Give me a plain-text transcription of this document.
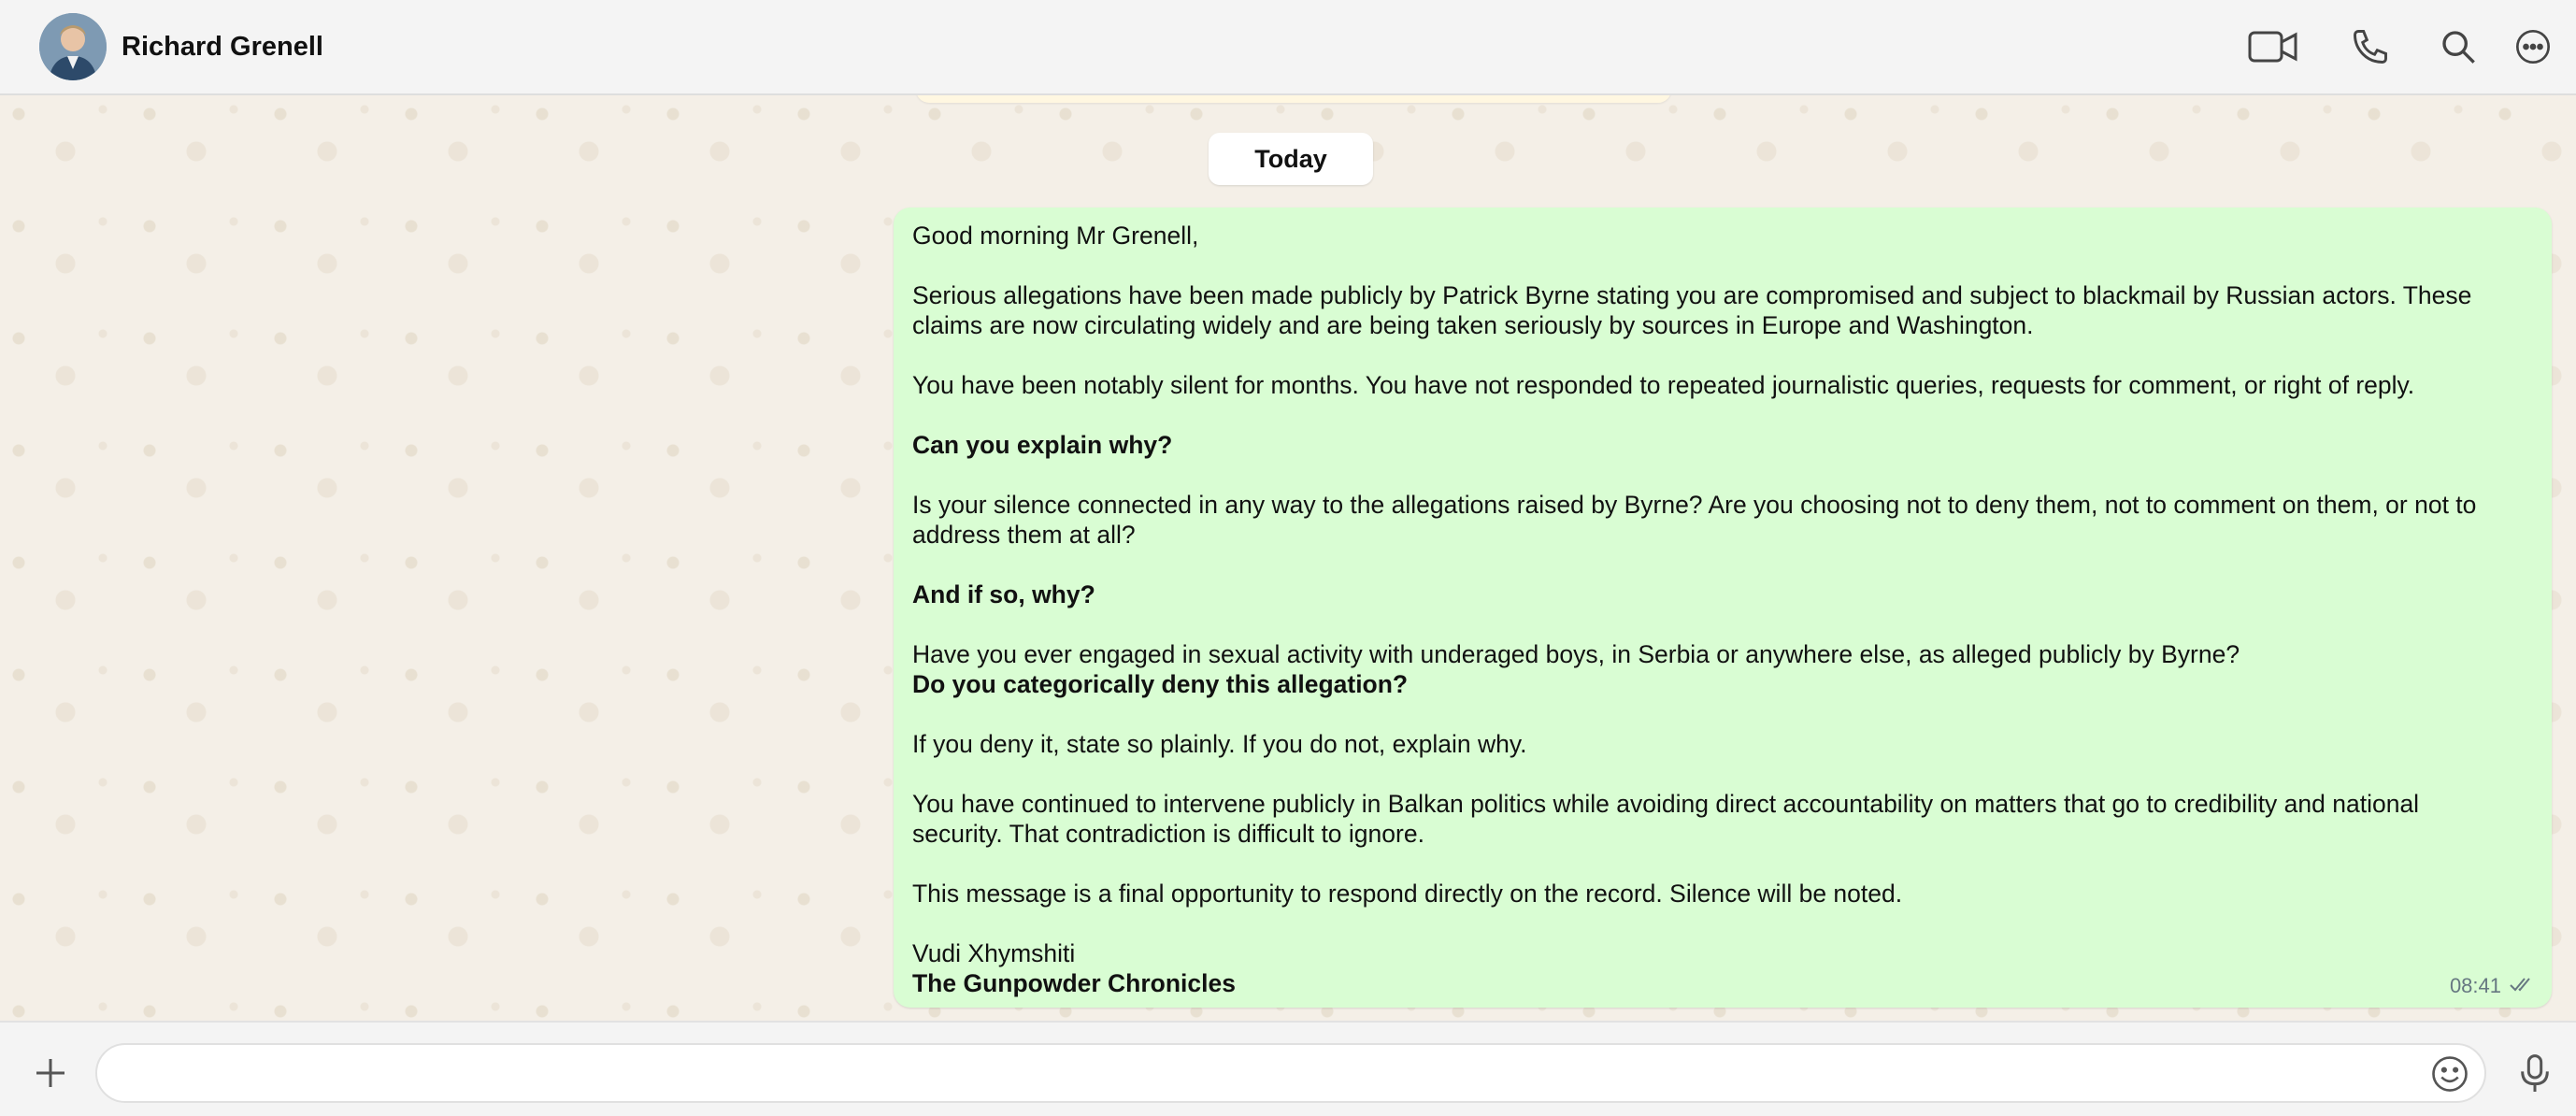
Richard Grenell
Today
Good morning Mr Grenell,
Serious allegations have been made publicly by Patrick Byrne stating you are compromised and subject to blackmail by Russian actors. These
claims are now circulating widely and are being taken seriously by sources in Europe and Washington.
You have been notably silent for months. You have not responded to repeated journalistic queries, requests for comment, or right of reply.
Can you explain why?
Is your silence connected in any way to the allegations raised by Byrne? Are you choosing not to deny them, not to comment on them, or not to
address them at all?
And if so, why?
Have you ever engaged in sexual activity with underaged boys, in Serbia or anywhere else, as alleged publicly by Byrne?
Do you categorically deny this allegation?
If you deny it, state so plainly. If you do not, explain why.
You have continued to intervene publicly in Balkan politics while avoiding direct accountability on matters that go to credibility and national
security. That contradiction is difficult to ignore.
This message is a final opportunity to respond directly on the record. Silence will be noted.
Vudi Xhymshiti
The Gunpowder Chronicles	08:41
